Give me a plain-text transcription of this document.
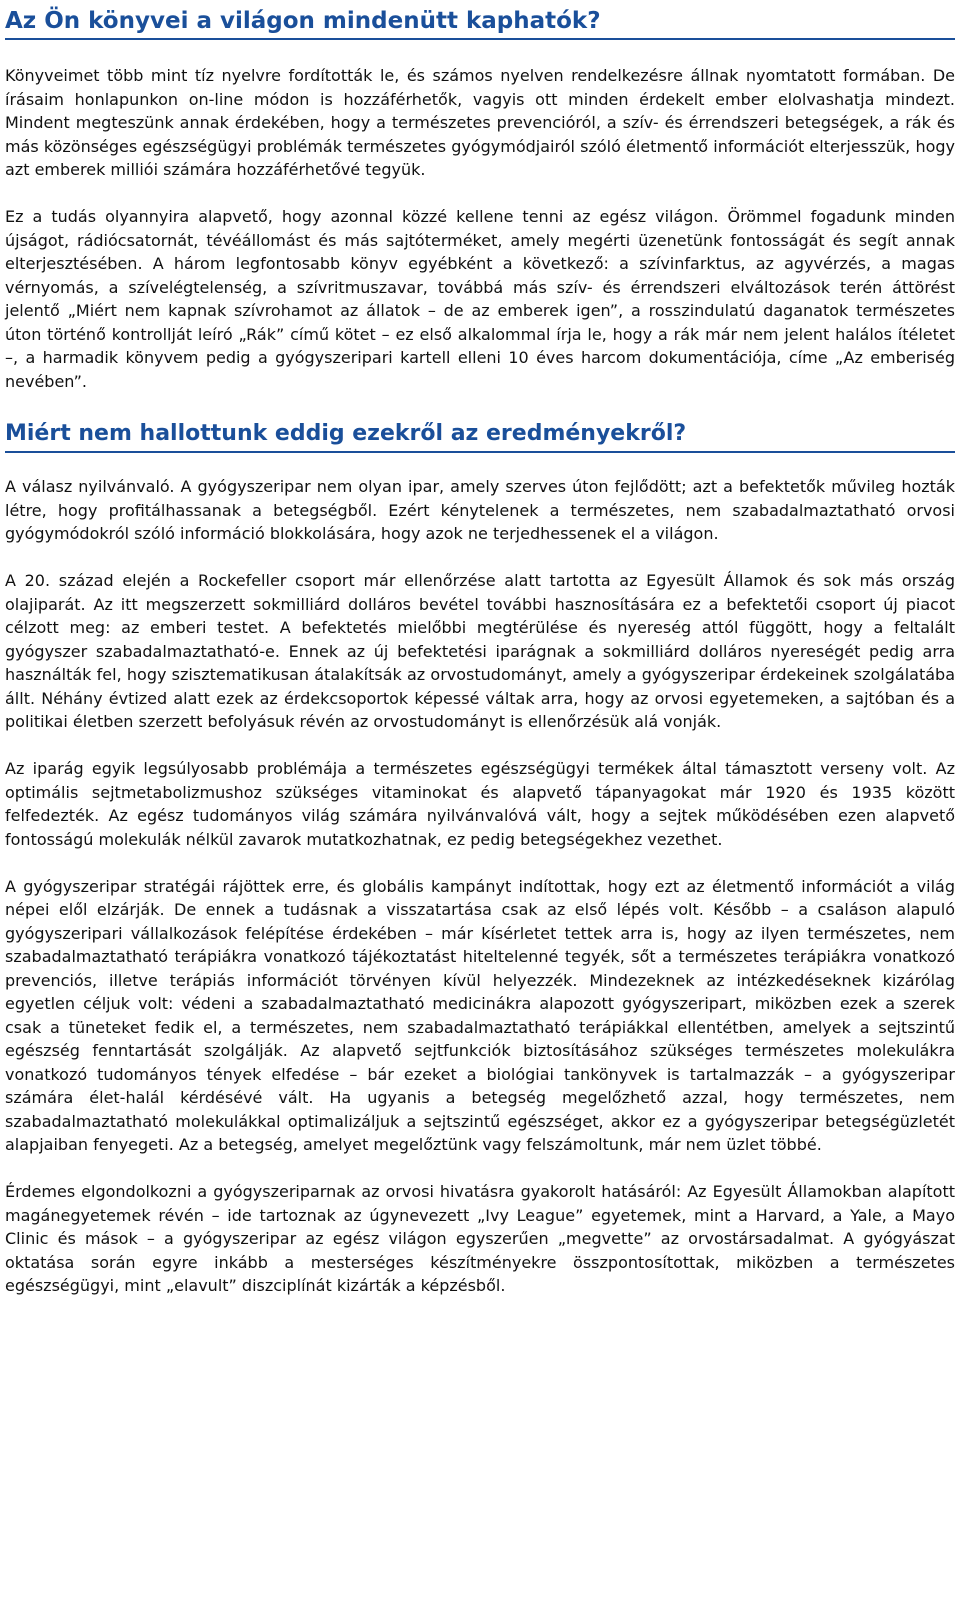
Az Ön könyvei a világon mindenütt kaphatók?

Könyveimet több mint tíz nyelvre fordították le, és számos nyelven rendelkezésre állnak nyomtatott formában. De írásaim honlapunkon on-line módon is hozzáférhetők, vagyis ott minden érdekelt ember elolvashatja mindezt. Mindent megteszünk annak érdekében, hogy a természetes prevencióról, a szív- és érrendszeri betegségek, a rák és más közönséges egészségügyi problémák természetes gyógymódjairól szóló életmentő információt elterjesszük, hogy azt emberek milliói számára hozzáférhetővé tegyük.

Ez a tudás olyannyira alapvető, hogy azonnal közzé kellene tenni az egész világon. Örömmel fogadunk minden újságot, rádiócsatornát, tévéállomást és más sajtóterméket, amely megérti üzenetünk fontosságát és segít annak elterjesztésében. A három legfontosabb könyv egyébként a következő: a szívinfarktus, az agyvérzés, a magas vérnyomás, a szívelégtelenség, a szívritmuszavar, továbbá más szív- és érrendszeri elváltozások terén áttörést jelentő „Miért nem kapnak szívrohamot az állatok – de az emberek igen”, a rosszindulatú daganatok természetes úton történő kontrollját leíró „Rák” című kötet – ez első alkalommal írja le, hogy a rák már nem jelent halálos ítéletet –, a harmadik könyvem pedig a gyógyszeripari kartell elleni 10 éves harcom dokumentációja, címe „Az emberiség nevében”.

Miért nem hallottunk eddig ezekről az eredményekről?

A válasz nyilvánvaló. A gyógyszeripar nem olyan ipar, amely szerves úton fejlődött; azt a befektetők művileg hozták létre, hogy profitálhassanak a betegségből. Ezért kénytelenek a természetes, nem szabadalmaztatható orvosi gyógymódokról szóló információ blokkolására, hogy azok ne terjedhessenek el a világon.

A 20. század elején a Rockefeller csoport már ellenőrzése alatt tartotta az Egyesült Államok és sok más ország olajiparát. Az itt megszerzett sokmilliárd dolláros bevétel további hasznosítására ez a befektetői csoport új piacot célzott meg: az emberi testet. A befektetés mielőbbi megtérülése és nyereség attól függött, hogy a feltalált gyógyszer szabadalmaztatható-e. Ennek az új befektetési iparágnak a sokmilliárd dolláros nyereségét pedig arra használták fel, hogy szisztematikusan átalakítsák az orvostudományt, amely a gyógyszeripar érdekeinek szolgálatába állt. Néhány évtized alatt ezek az érdekcsoportok képessé váltak arra, hogy az orvosi egyetemeken, a sajtóban és a politikai életben szerzett befolyásuk révén az orvostudományt is ellenőrzésük alá vonják.

Az iparág egyik legsúlyosabb problémája a természetes egészségügyi termékek által támasztott verseny volt. Az optimális sejtmetabolizmushoz szükséges vitaminokat és alapvető tápanyagokat már 1920 és 1935 között felfedezték. Az egész tudományos világ számára nyilvánvalóvá vált, hogy a sejtek működésében ezen alapvető fontosságú molekulák nélkül zavarok mutatkozhatnak, ez pedig betegségekhez vezethet.

A gyógyszeripar stratégái rájöttek erre, és globális kampányt indítottak, hogy ezt az életmentő információt a világ népei elől elzárják. De ennek a tudásnak a visszatartása csak az első lépés volt. Később – a csaláson alapuló gyógyszeripari vállalkozások felépítése érdekében – már kísérletet tettek arra is, hogy az ilyen természetes, nem szabadalmaztatható terápiákra vonatkozó tájékoztatást hiteltelenné tegyék, sőt a természetes terápiákra vonatkozó prevenciós, illetve terápiás információt törvényen kívül helyezzék. Mindezeknek az intézkedéseknek kizárólag egyetlen céljuk volt: védeni a szabadalmaztatható medicinákra alapozott gyógyszeripart, miközben ezek a szerek csak a tüneteket fedik el, a természetes, nem szabadalmaztatható terápiákkal ellentétben, amelyek a sejtszintű egészség fenntartását szolgálják. Az alapvető sejtfunkciók biztosításához szükséges természetes molekulákra vonatkozó tudományos tények elfedése – bár ezeket a biológiai tankönyvek is tartalmazzák – a gyógyszeripar számára élet-halál kérdésévé vált. Ha ugyanis a betegség megelőzhető azzal, hogy természetes, nem szabadalmaztatható molekulákkal optimalizáljuk a sejtszintű egészséget, akkor ez a gyógyszeripar betegségüzletét alapjaiban fenyegeti. Az a betegség, amelyet megelőztünk vagy felszámoltunk, már nem üzlet többé.

Érdemes elgondolkozni a gyógyszeriparnak az orvosi hivatásra gyakorolt hatásáról: Az Egyesült Államokban alapított magánegyetemek révén – ide tartoznak az úgynevezett „Ivy League” egyetemek, mint a Harvard, a Yale, a Mayo Clinic és mások – a gyógyszeripar az egész világon egyszerűen „megvette” az orvostársadalmat. A gyógyászat oktatása során egyre inkább a mesterséges készítményekre összpontosítottak, miközben a természetes egészségügyi, mint „elavult” diszciplínát kizárták a képzésből.
